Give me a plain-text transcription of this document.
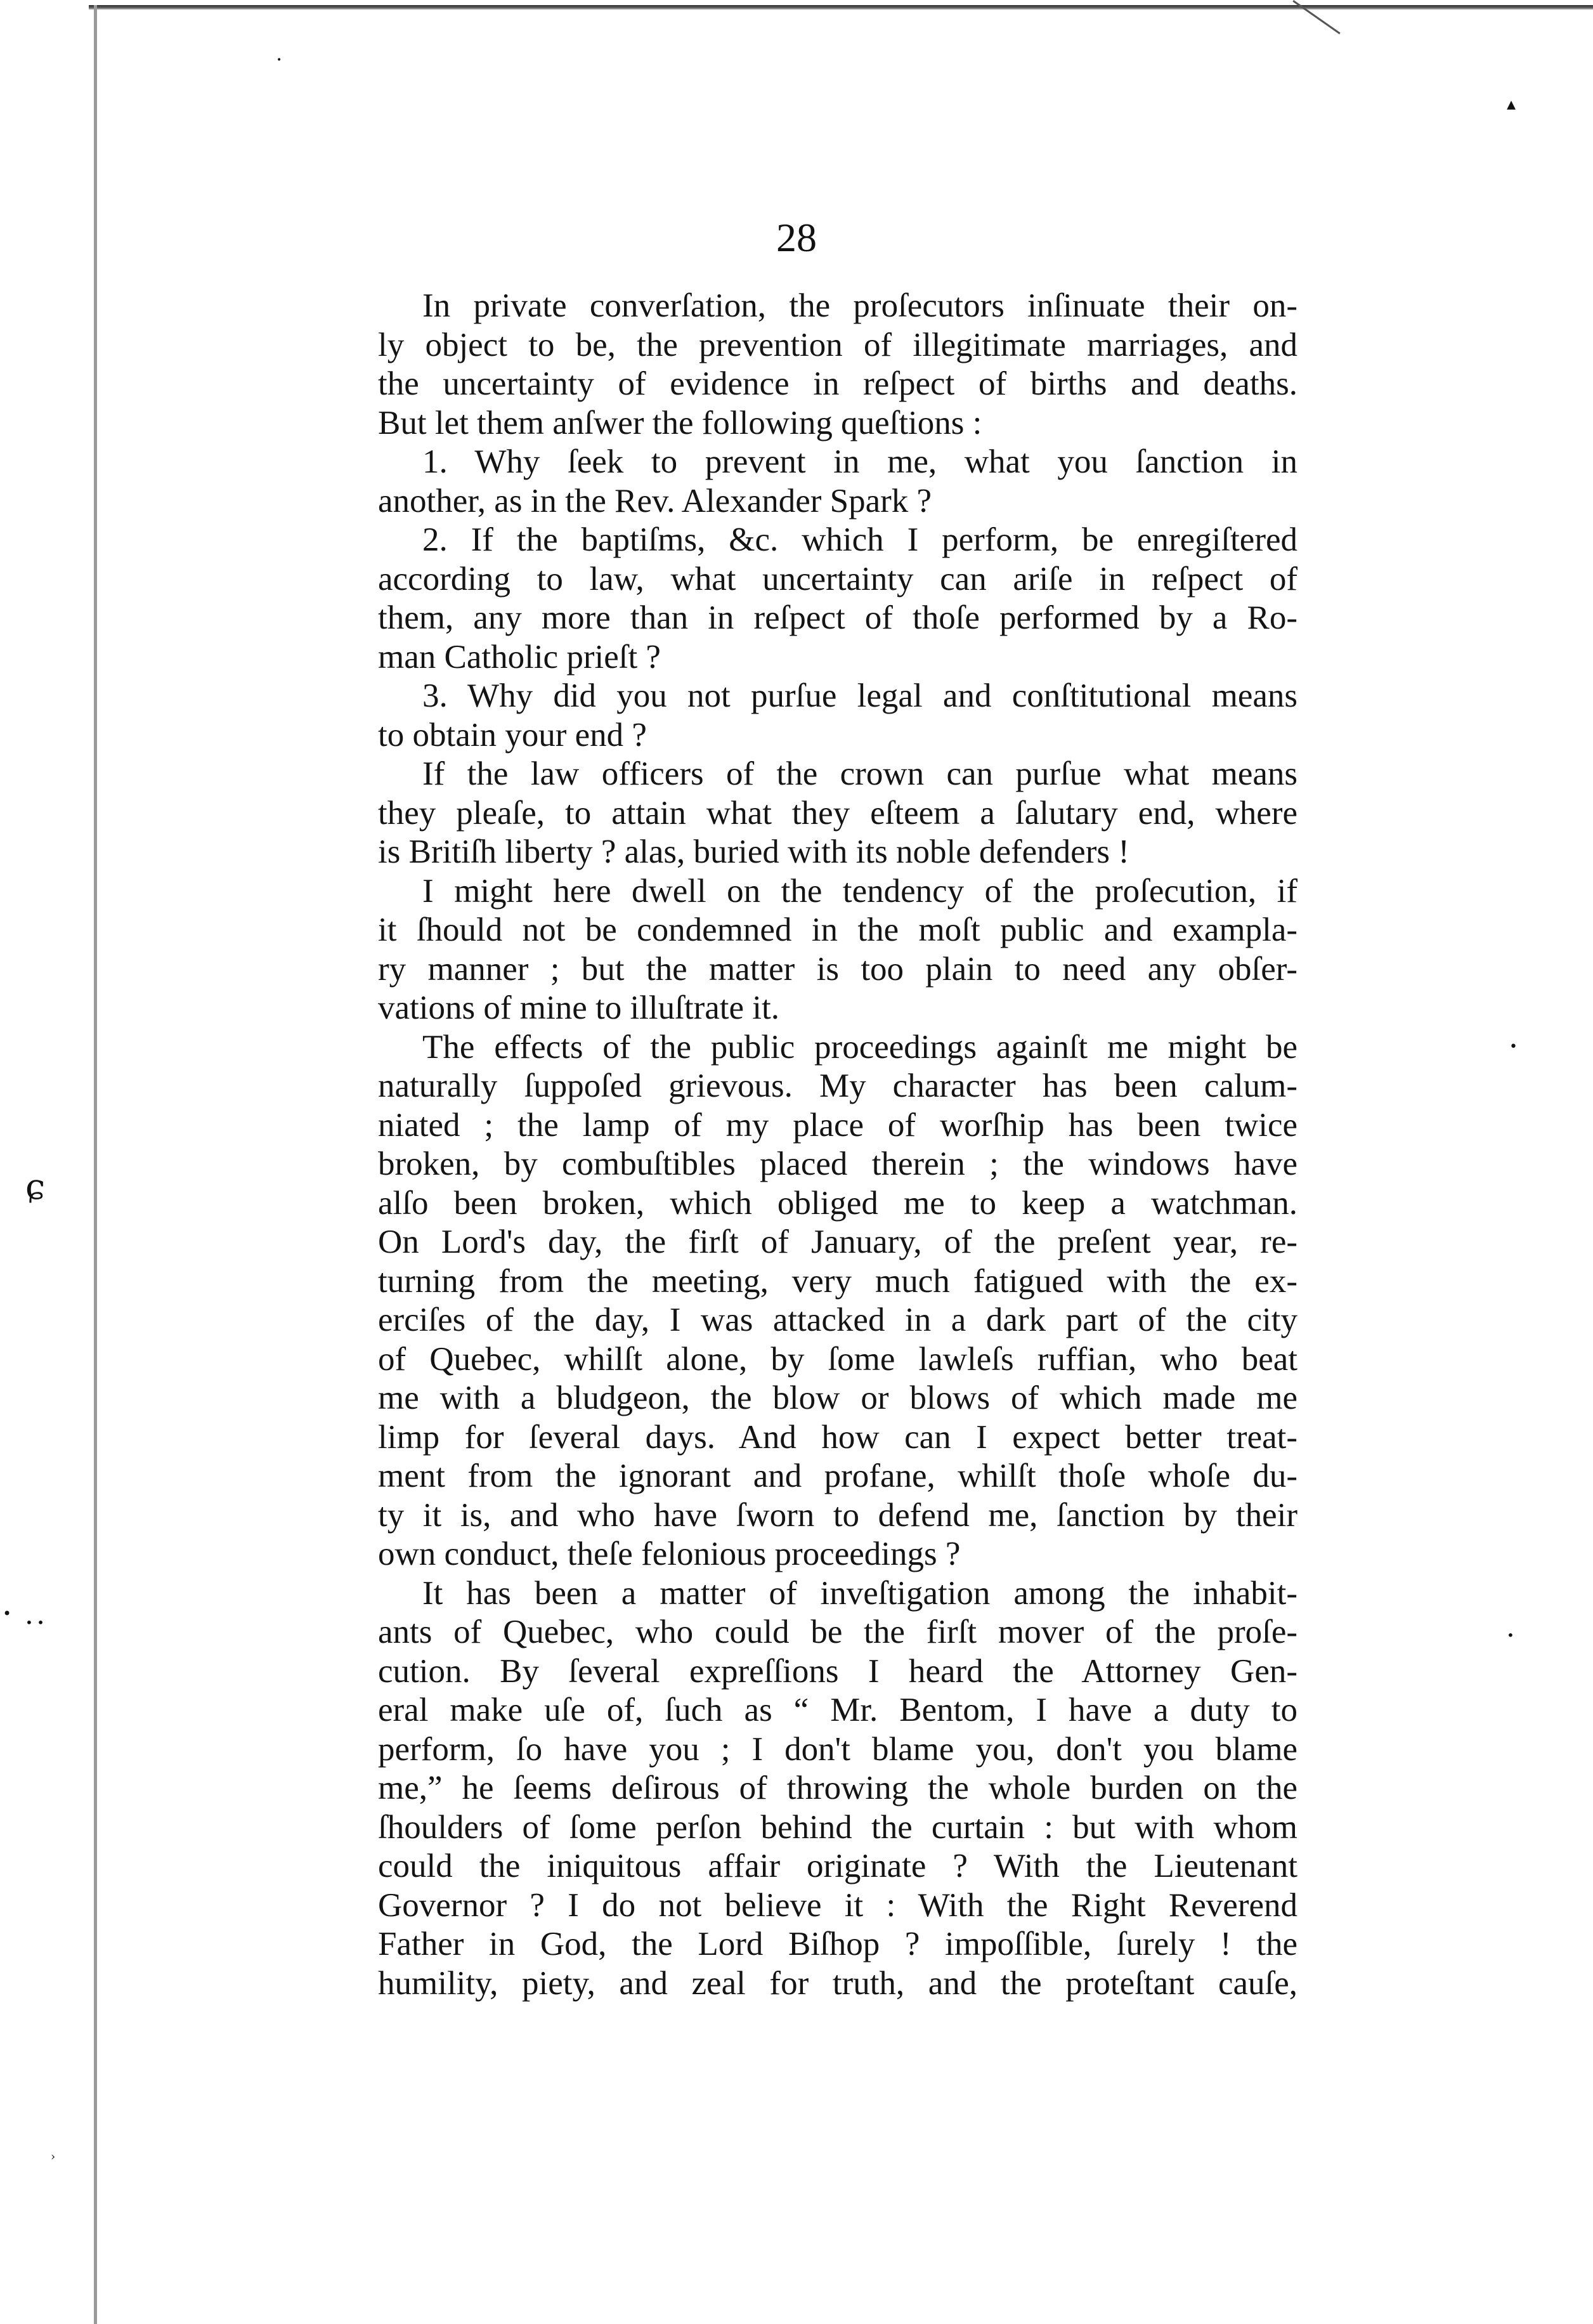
•
▴
•
ɕ
• • •
•
›
28
In private converſation, the proſecutors inſinuate their on-
ly object to be, the prevention of illegitimate marriages, and
the uncertainty of evidence in reſpect of births and deaths.
But let them anſwer the following queſtions :
1. Why ſeek to prevent in me, what you ſanction in
another, as in the Rev. Alexander Spark ?
2. If the baptiſms, &c. which I perform, be enregiſtered
according to law, what uncertainty can ariſe in reſpect of
them, any more than in reſpect of thoſe performed by a Ro-
man Catholic prieſt ?
3. Why did you not purſue legal and conſtitutional means
to obtain your end ?
If the law officers of the crown can purſue what means
they pleaſe, to attain what they eſteem a ſalutary end, where
is Britiſh liberty ? alas, buried with its noble defenders !
I might here dwell on the tendency of the proſecution, if
it ſhould not be condemned in the moſt public and exampla-
ry manner ; but the matter is too plain to need any obſer-
vations of mine to illuſtrate it.
The effects of the public proceedings againſt me might be
naturally ſuppoſed grievous. My character has been calum-
niated ; the lamp of my place of worſhip has been twice
broken, by combuſtibles placed therein ; the windows have
alſo been broken, which obliged me to keep a watchman.
On Lord's day, the firſt of January, of the preſent year, re-
turning from the meeting, very much fatigued with the ex-
erciſes of the day, I was attacked in a dark part of the city
of Quebec, whilſt alone, by ſome lawleſs ruffian, who beat
me with a bludgeon, the blow or blows of which made me
limp for ſeveral days. And how can I expect better treat-
ment from the ignorant and profane, whilſt thoſe whoſe du-
ty it is, and who have ſworn to defend me, ſanction by their
own conduct, theſe felonious proceedings ?
It has been a matter of inveſtigation among the inhabit-
ants of Quebec, who could be the firſt mover of the proſe-
cution. By ſeveral expreſſions I heard the Attorney Gen-
eral make uſe of, ſuch as “ Mr. Bentom, I have a duty to
perform, ſo have you ; I don't blame you, don't you blame
me,” he ſeems deſirous of throwing the whole burden on the
ſhoulders of ſome perſon behind the curtain : but with whom
could the iniquitous affair originate ? With the Lieutenant
Governor ? I do not believe it : With the Right Reverend
Father in God, the Lord Biſhop ? impoſſible, ſurely ! the
humility, piety, and zeal for truth, and the proteſtant cauſe,
